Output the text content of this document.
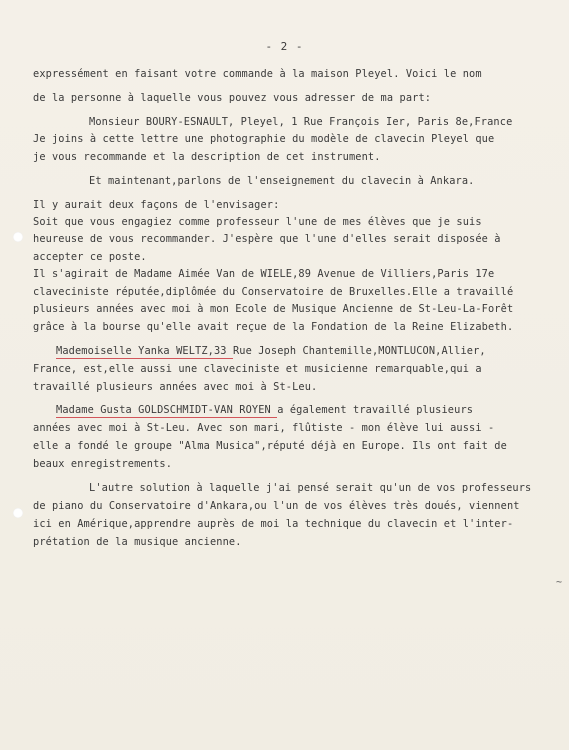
- 2 -
expressément en faisant votre commande à la maison Pleyel. Voici le nom
de la personne à laquelle vous pouvez vous adresser de ma part:
Monsieur BOURY-ESNAULT, Pleyel, 1 Rue François Ier, Paris 8e,France
Je joins à cette lettre une photographie du modèle de clavecin Pleyel que
je vous recommande et la description de cet instrument.
Et maintenant,parlons de l'enseignement du clavecin à Ankara.
Il y aurait deux façons de l'envisager:
Soit que vous engagiez comme professeur l'une de mes élèves que je suis
heureuse de vous recommander. J'espère que l'une d'elles serait disposée à
accepter ce poste.
Il s'agirait de Madame Aimée Van de WIELE,89 Avenue de Villiers,Paris 17e
claveciniste réputée,diplômée du Conservatoire de Bruxelles.Elle a travaillé
plusieurs années avec moi à mon Ecole de Musique Ancienne de St-Leu-La-Forêt
grâce à la bourse qu'elle avait reçue de la Fondation de la Reine Elizabeth.
Mademoiselle Yanka WELTZ,33 Rue Joseph Chantemille,MONTLUCON,Allier,
France, est,elle aussi une claveciniste et musicienne remarquable,qui a
travaillé plusieurs années avec moi à St-Leu.
Madame Gusta GOLDSCHMIDT-VAN ROYEN a également travaillé plusieurs
années avec moi à St-Leu. Avec son mari, flûtiste - mon élève lui aussi -
elle a fondé le groupe "Alma Musica",réputé déjà en Europe. Ils ont fait de
beaux enregistrements.
L'autre solution à laquelle j'ai pensé serait qu'un de vos professeurs
de piano du Conservatoire d'Ankara,ou l'un de vos élèves très doués, viennent
ici en Amérique,apprendre auprès de moi la technique du clavecin et l'inter-
prétation de la musique ancienne.
~
